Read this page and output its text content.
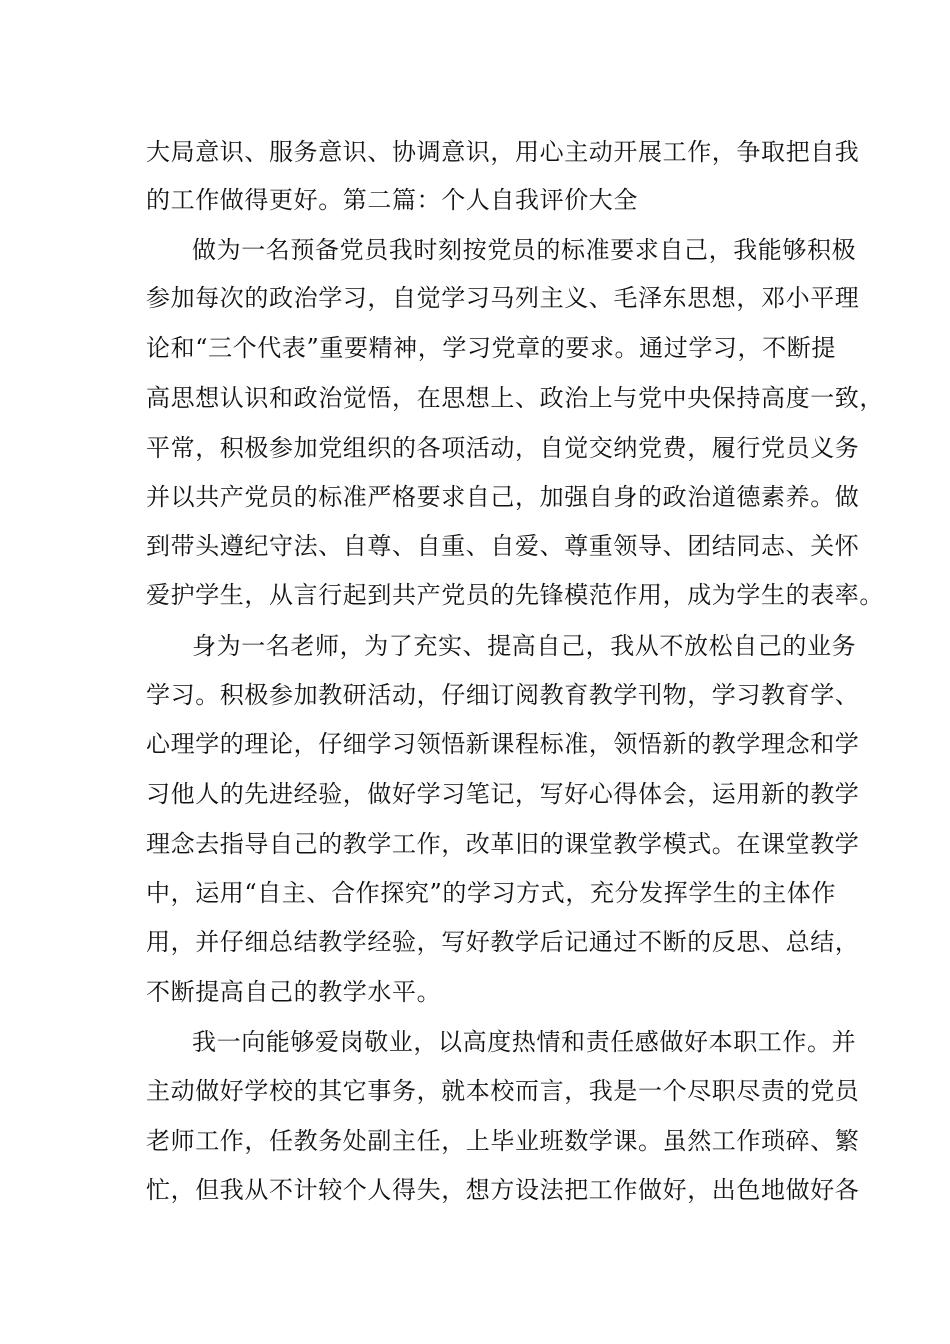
大局意识、服务意识、协调意识，用心主动开展工作，争取把自我
的工作做得更好。第二篇：个人自我评价大全
做为一名预备党员我时刻按党员的标准要求自己，我能够积极
参加每次的政治学习，自觉学习马列主义、毛泽东思想，邓小平理
论和“三个代表”重要精神，学习党章的要求。通过学习，不断提
高思想认识和政治觉悟，在思想上、政治上与党中央保持高度一致，
平常，积极参加党组织的各项活动，自觉交纳党费，履行党员义务
并以共产党员的标准严格要求自己，加强自身的政治道德素养。做
到带头遵纪守法、自尊、自重、自爱、尊重领导、团结同志、关怀
爱护学生，从言行起到共产党员的先锋模范作用，成为学生的表率。
身为一名老师，为了充实、提高自己，我从不放松自己的业务
学习。积极参加教研活动，仔细订阅教育教学刊物，学习教育学、
心理学的理论，仔细学习领悟新课程标准，领悟新的教学理念和学
习他人的先进经验，做好学习笔记，写好心得体会，运用新的教学
理念去指导自己的教学工作，改革旧的课堂教学模式。在课堂教学
中，运用“自主、合作探究”的学习方式，充分发挥学生的主体作
用，并仔细总结教学经验，写好教学后记通过不断的反思、总结，
不断提高自己的教学水平。
我一向能够爱岗敬业，以高度热情和责任感做好本职工作。并
主动做好学校的其它事务，就本校而言，我是一个尽职尽责的党员
老师工作，任教务处副主任，上毕业班数学课。虽然工作琐碎、繁
忙，但我从不计较个人得失，想方设法把工作做好，出色地做好各
